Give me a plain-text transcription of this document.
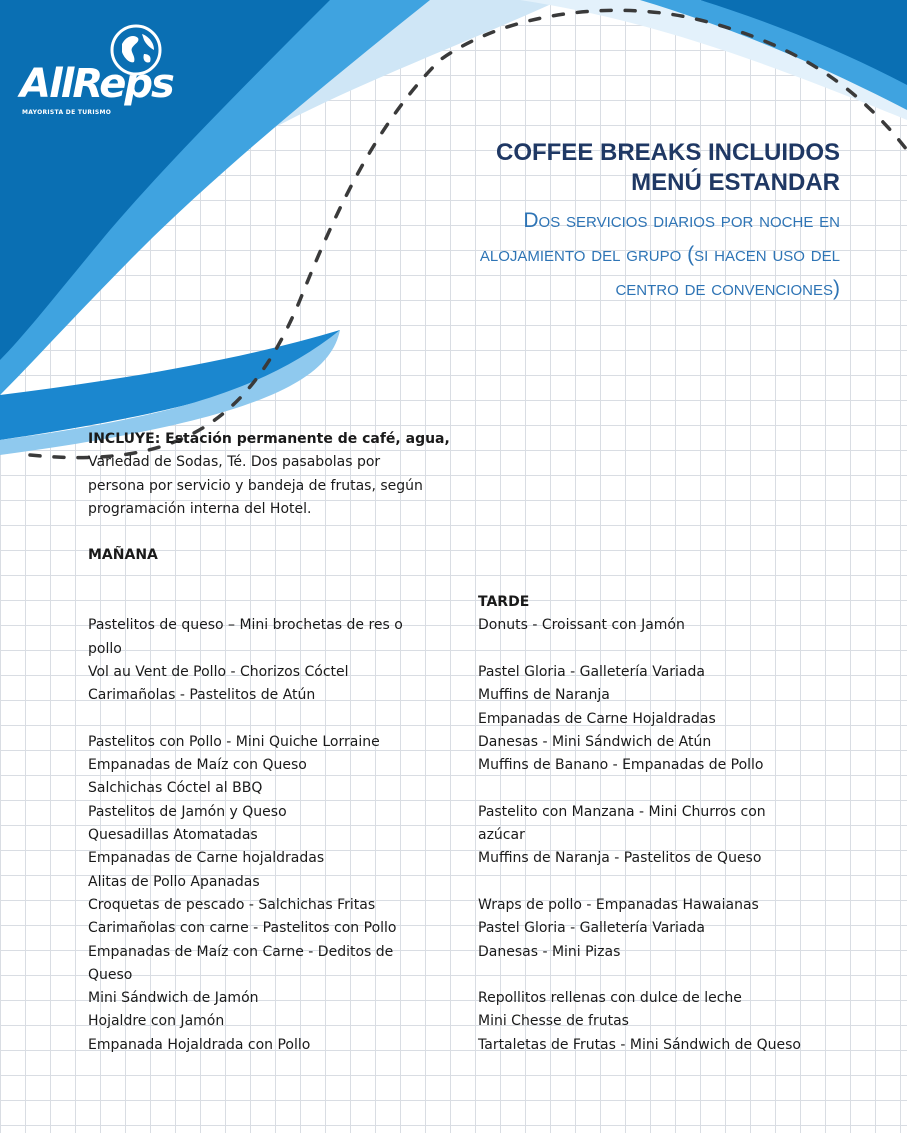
AllReps
MAYORISTA DE TURISMO
COFFEE BREAKS INCLUIDOS
MENÚ ESTANDAR
Dos servicios diarios por noche en
alojamiento del grupo (si hacen uso del
centro de convenciones)
INCLUYE: Estación permanente de café, agua,
Variedad de Sodas, Té. Dos pasabolas por
persona por servicio y bandeja de frutas, según
programación interna del Hotel.

MAÑANA

TARDE
Pastelitos de queso – Mini brochetas de res o
pollo
Donuts - Croissant con Jamón
Vol au Vent de Pollo - Chorizos Cóctel	Pastel Gloria - Galletería Variada
Carimañolas - Pastelitos de Atún	Muffins de Naranja
Empanadas de Carne Hojaldradas
Pastelitos con Pollo - Mini Quiche Lorraine	Danesas - Mini Sándwich de Atún
Empanadas de Maíz con Queso
Salchichas Cóctel al BBQ
Muffins de Banano - Empanadas de Pollo
Pastelitos de Jamón y Queso
Quesadillas Atomatadas
Pastelito con Manzana - Mini Churros con
azúcar
Empanadas de Carne hojaldradas
Alitas de Pollo Apanadas
Muffins de Naranja - Pastelitos de Queso
Croquetas de pescado - Salchichas Fritas	Wraps de pollo - Empanadas Hawaianas
Carimañolas con carne - Pastelitos con Pollo	Pastel Gloria - Galletería Variada
Empanadas de Maíz con Carne - Deditos de
Queso
Danesas - Mini Pizas
Mini Sándwich de Jamón	Repollitos rellenas con dulce de leche
Hojaldre con Jamón	Mini Chesse de frutas
Empanada Hojaldrada con Pollo	Tartaletas de Frutas - Mini Sándwich de Queso
